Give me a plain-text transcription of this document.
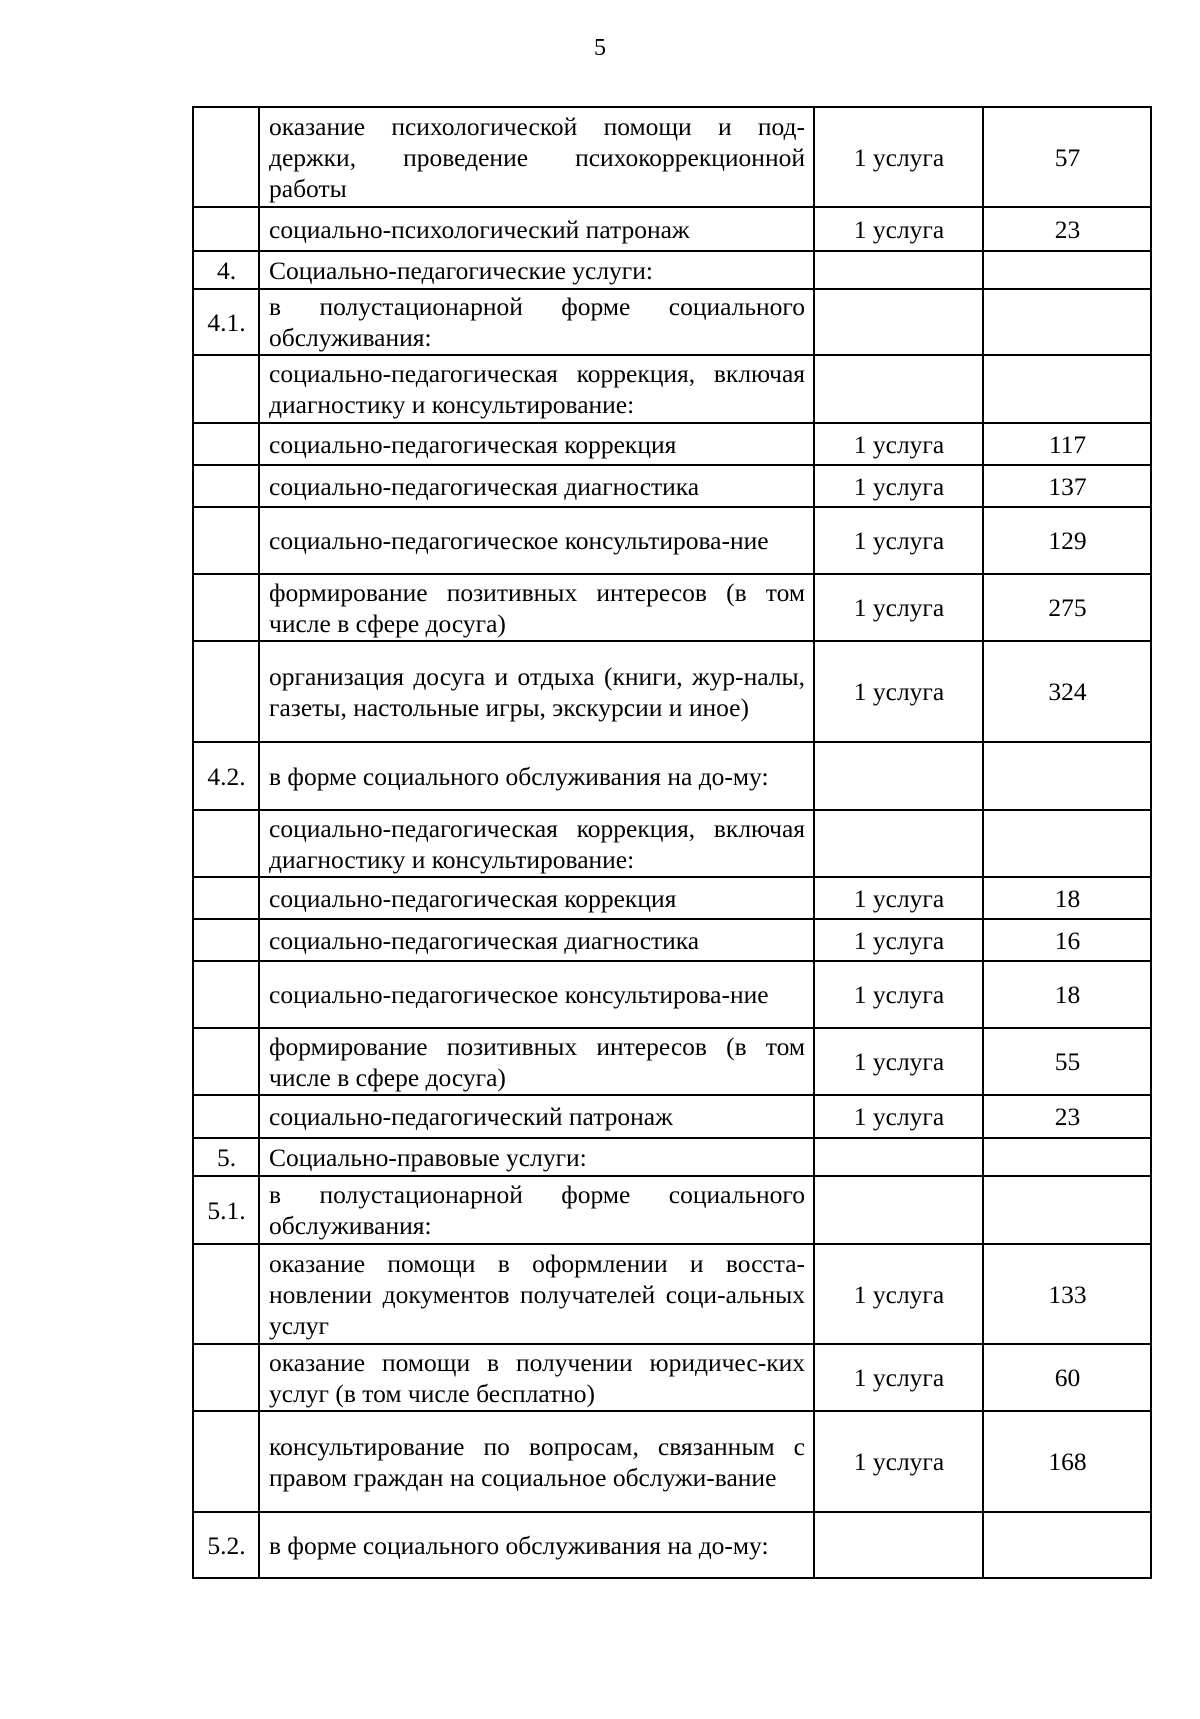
5
	оказание психологической помощи и под-держки, проведение психокоррекционной работы	1 услуга	57
	социально-психологический патронаж	1 услуга	23
4.	Социально-педагогические услуги:		
4.1.	в полустационарной форме социального обслуживания:		
	социально-педагогическая коррекция, включая диагностику и консультирование:		
	социально-педагогическая коррекция	1 услуга	117
	социально-педагогическая диагностика	1 услуга	137
	социально-педагогическое консультирова-ние	1 услуга	129
	формирование позитивных интересов (в том числе в сфере досуга)	1 услуга	275
	организация досуга и отдыха (книги, жур-налы, газеты, настольные игры, экскурсии и иное)	1 услуга	324
4.2.	в форме социального обслуживания на до-му:		
	социально-педагогическая коррекция, включая диагностику и консультирование:		
	социально-педагогическая коррекция	1 услуга	18
	социально-педагогическая диагностика	1 услуга	16
	социально-педагогическое консультирова-ние	1 услуга	18
	формирование позитивных интересов (в том числе в сфере досуга)	1 услуга	55
	социально-педагогический патронаж	1 услуга	23
5.	Социально-правовые услуги:		
5.1.	в полустационарной форме социального обслуживания:		
	оказание помощи в оформлении и восста-новлении документов получателей соци-альных услуг	1 услуга	133
	оказание помощи в получении юридичес-ких услуг (в том числе бесплатно)	1 услуга	60
	консультирование по вопросам, связанным с правом граждан на социальное обслужи-вание	1 услуга	168
5.2.	в форме социального обслуживания на до-му:		
